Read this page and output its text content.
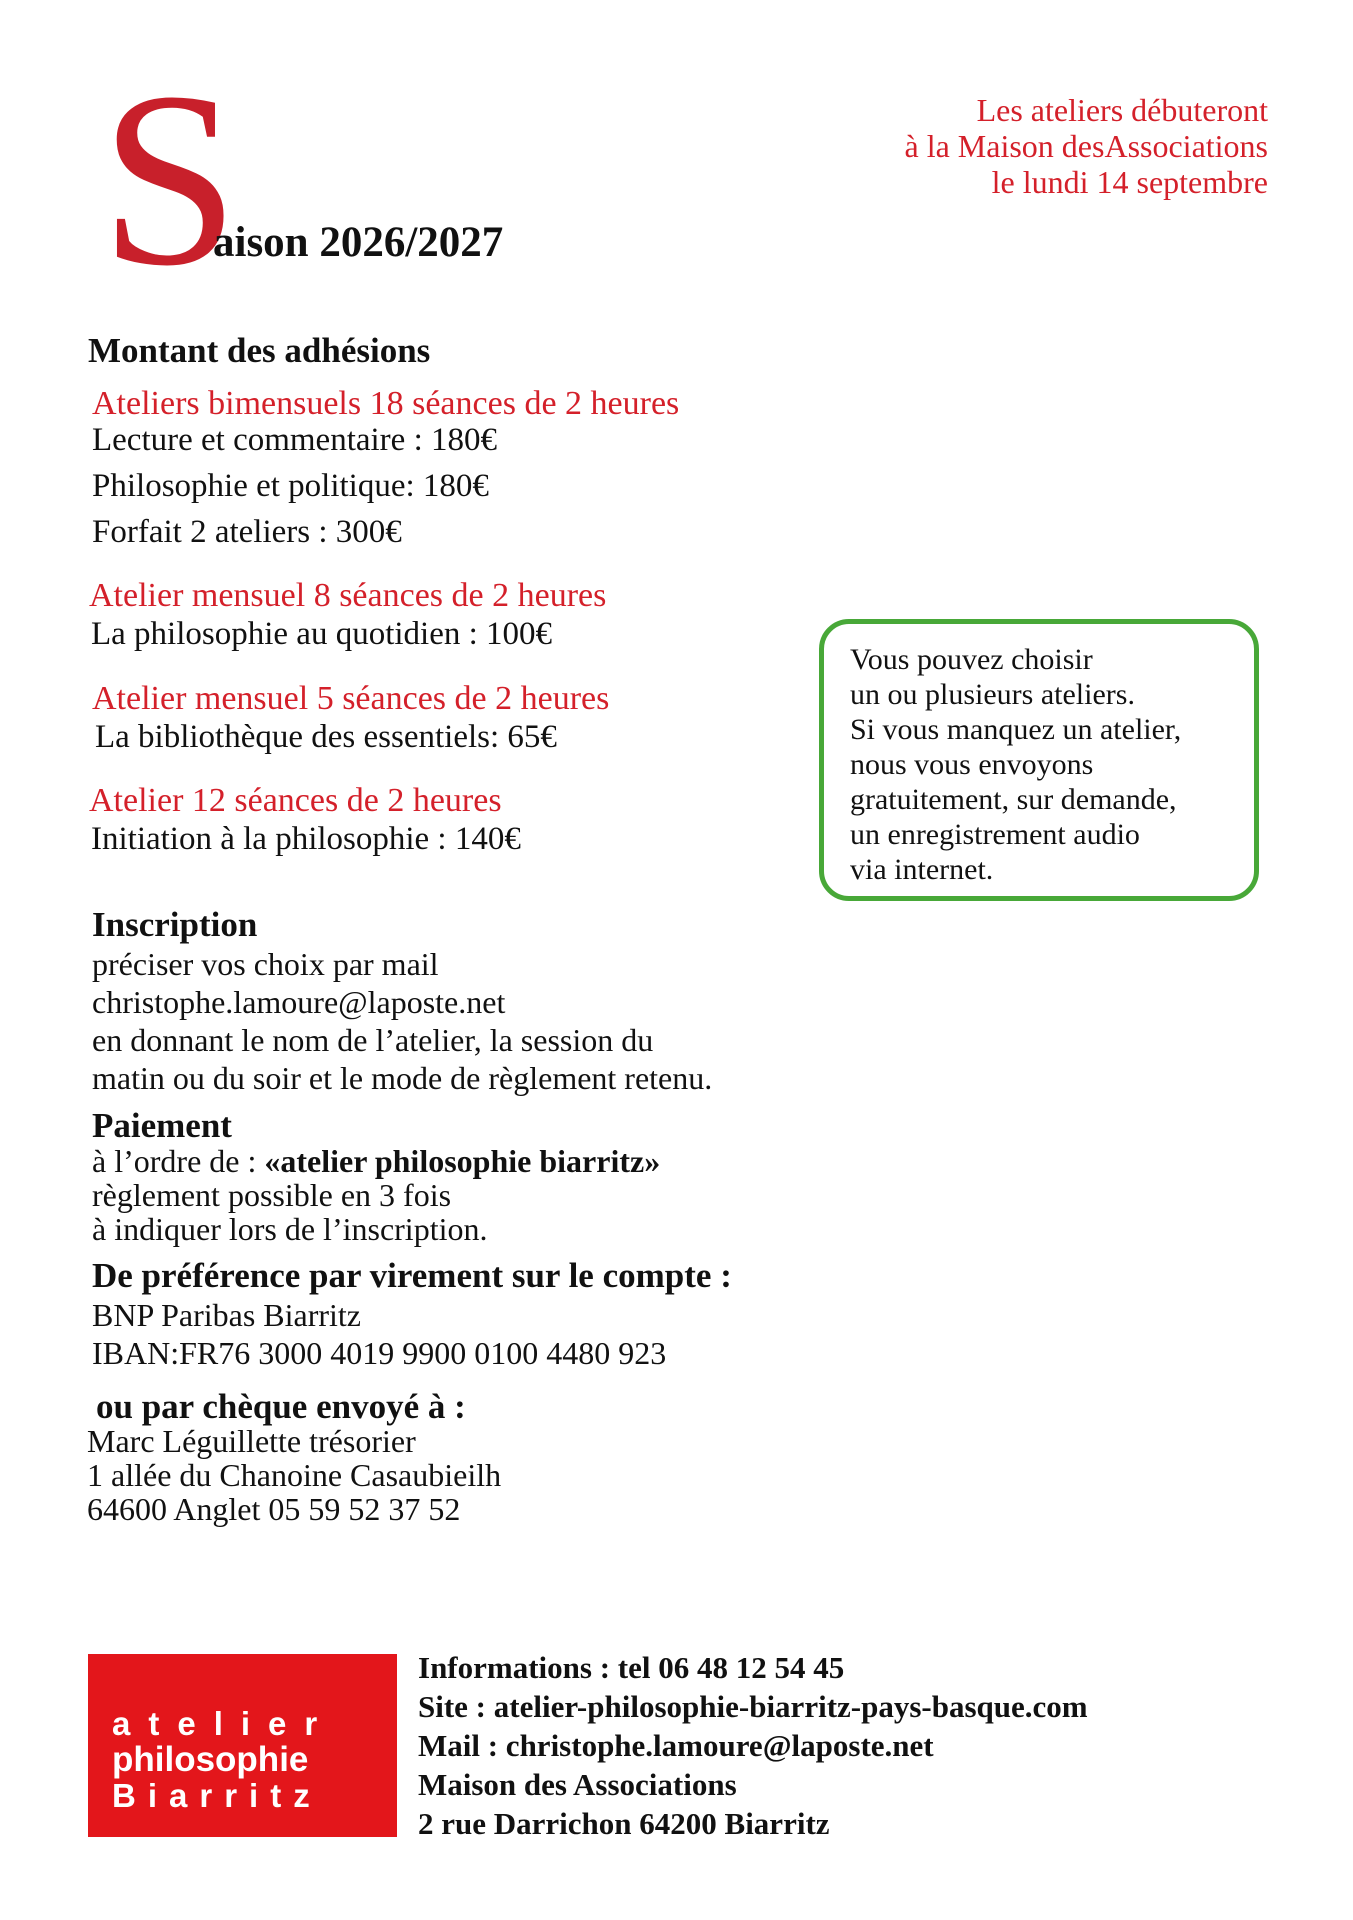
S
aison 2026/2027
Les ateliers débuteront
à la Maison desAssociations
le lundi 14 septembre
Montant des adhésions
Ateliers bimensuels 18 séances de 2 heures
Lecture et commentaire : 180€
Philosophie et politique: 180€
Forfait 2 ateliers : 300€
Atelier mensuel 8 séances de 2 heures
La philosophie au quotidien : 100€
Atelier mensuel 5 séances de 2 heures
La bibliothèque des essentiels: 65€
Atelier 12 séances de 2 heures
Initiation à la philosophie : 140€
Vous pouvez choisir
un ou plusieurs ateliers.
Si vous manquez un atelier,
nous vous envoyons
gratuitement, sur demande,
un enregistrement audio
via internet.
Inscription
préciser vos choix par mail
christophe.lamoure@laposte.net
en donnant le nom de l’atelier, la session du
matin ou du soir et le mode de règlement retenu.
Paiement
à l’ordre de : «atelier philosophie biarritz»
règlement possible en 3 fois
à indiquer lors de l’inscription.
De préférence par virement sur le compte :
BNP Paribas Biarritz
IBAN:FR76 3000 4019 9900 0100 4480 923
ou par chèque envoyé à :
Marc Léguillette trésorier
1 allée du Chanoine Casaubieilh
64600 Anglet 05 59 52 37 52
atelier
philosophie
Biarritz
Informations : tel 06 48 12 54 45
Site : atelier-philosophie-biarritz-pays-basque.com
Mail : christophe.lamoure@laposte.net
Maison des Associations
2 rue Darrichon 64200 Biarritz
